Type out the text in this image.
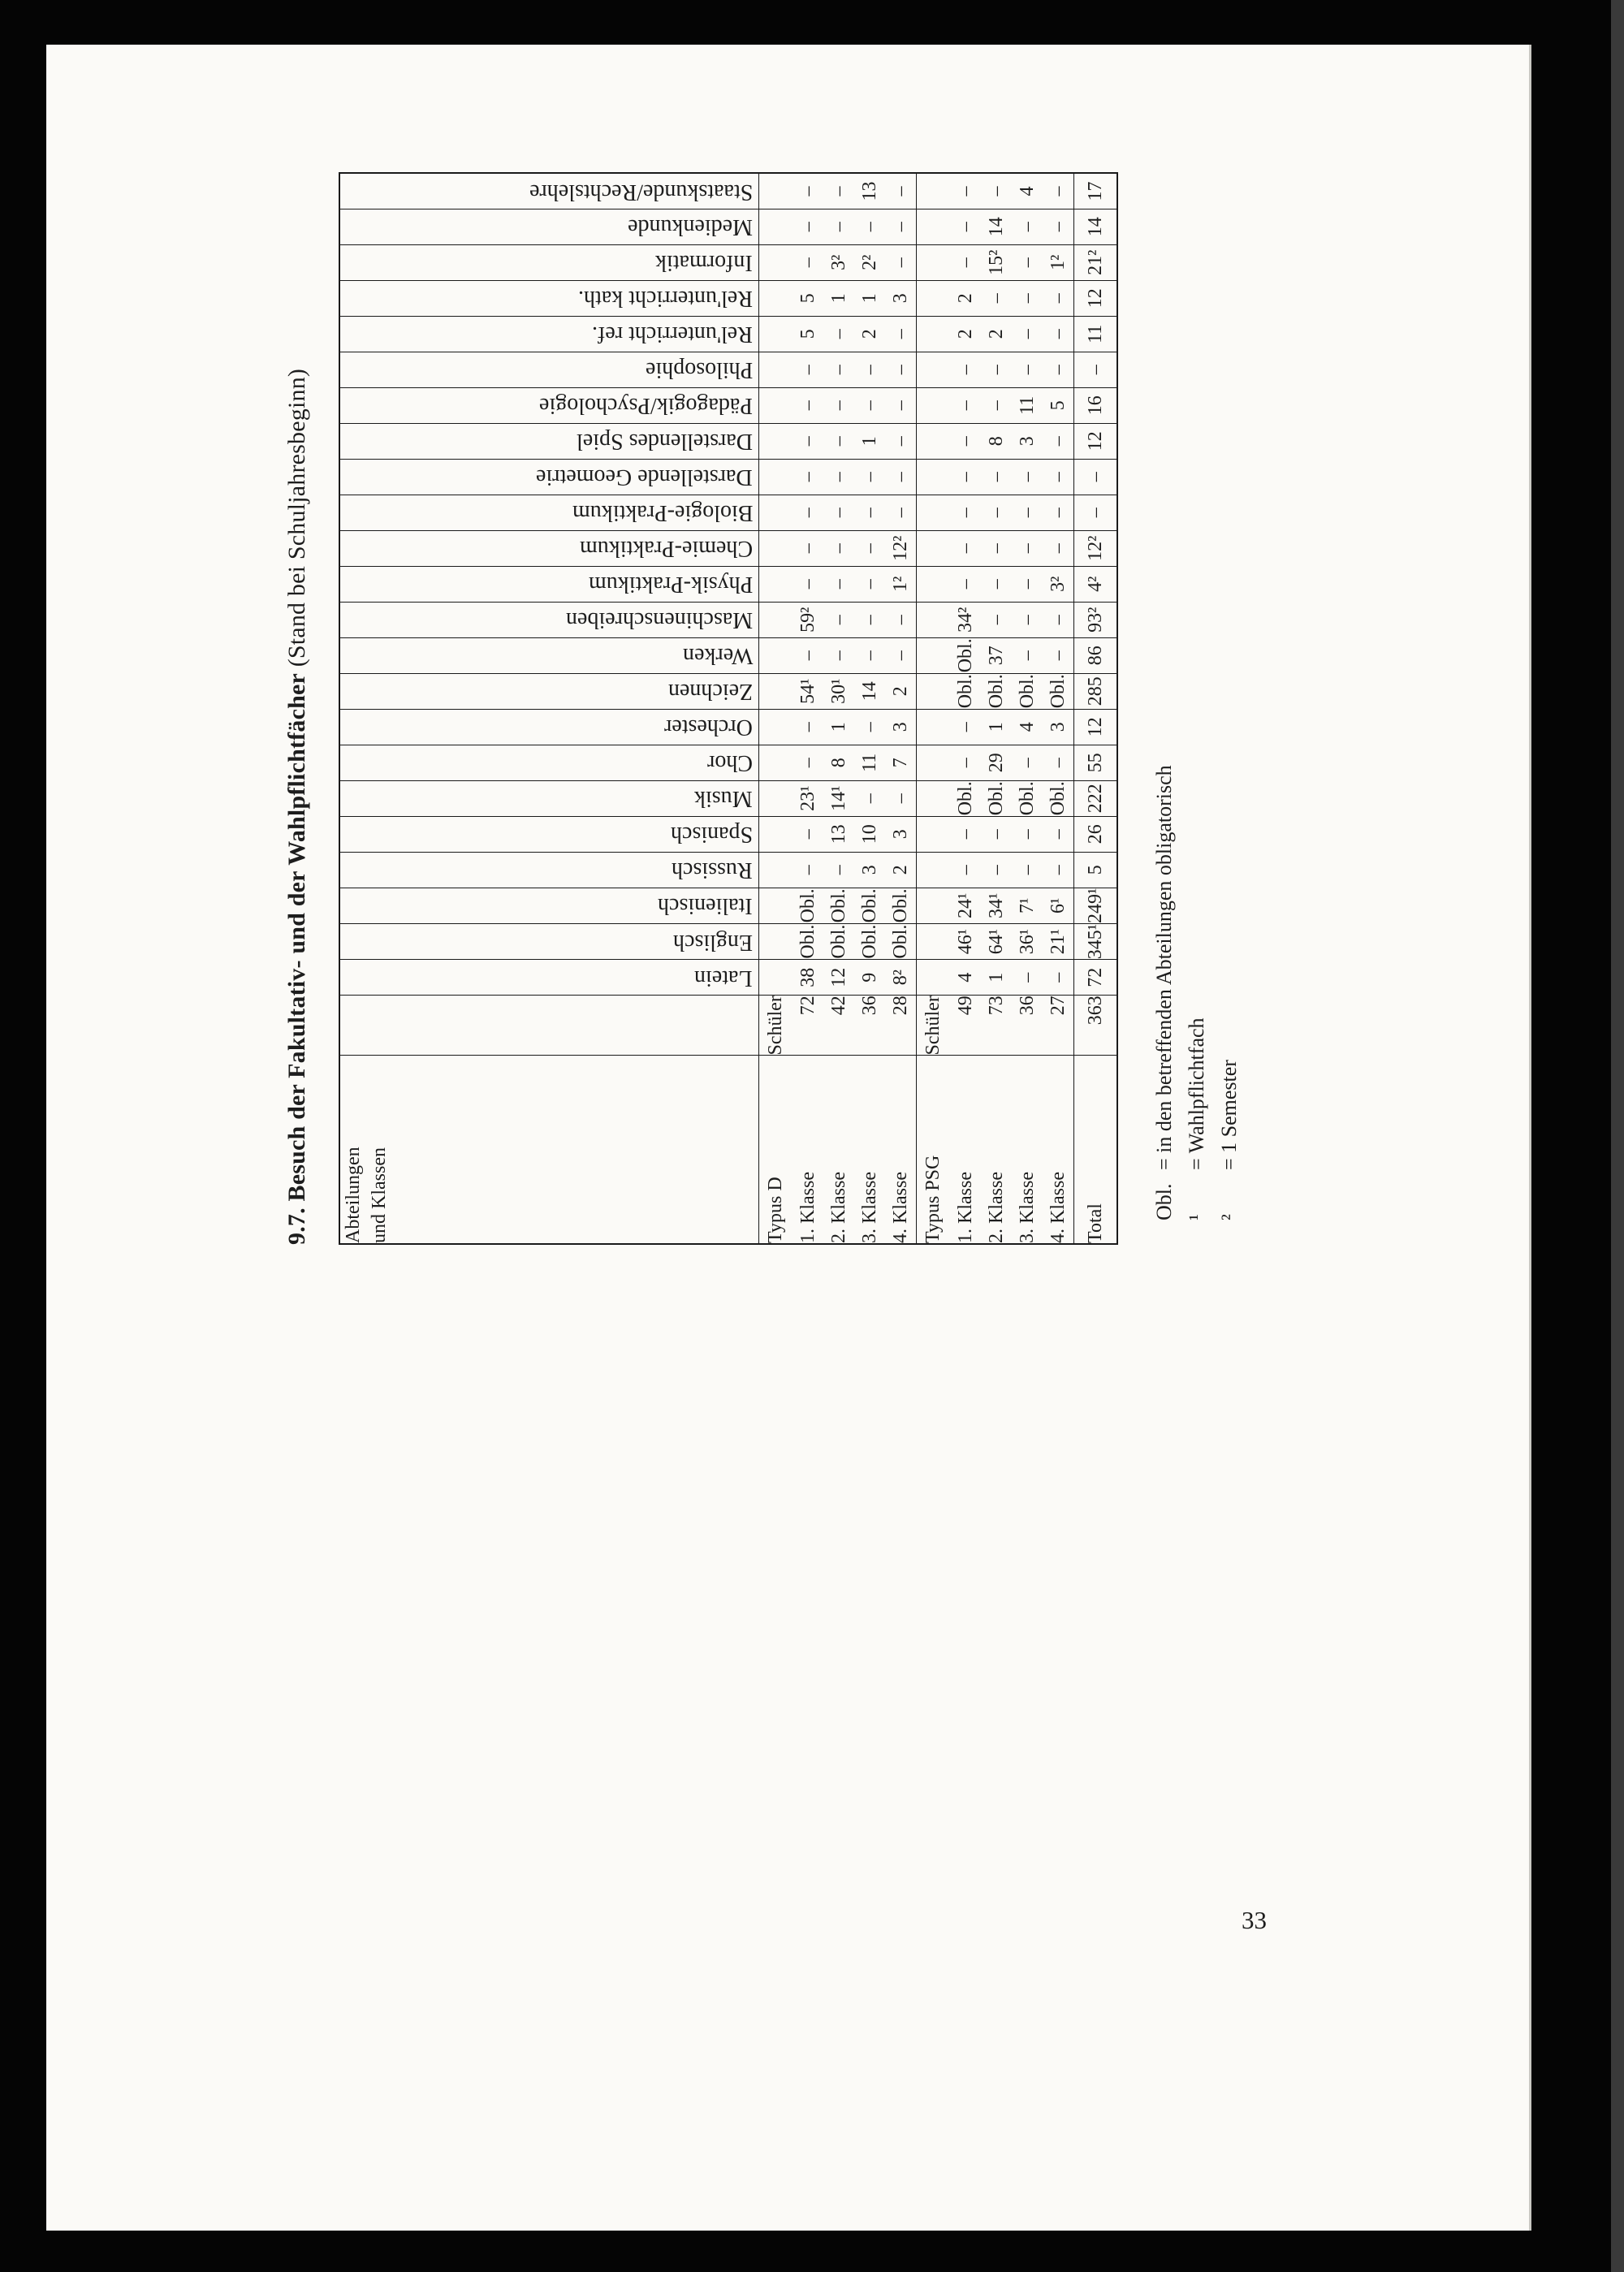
9.7. Besuch der Fakultativ- und der Wahlpflichtfächer (Stand bei Schuljahresbeginn)
Abteilungen und Klassen		Latein	Englisch	Italienisch	Russisch	Spanisch	Musik	Chor	Orchester	Zeichnen	Werken	Maschinenschreiben	Physik-Praktikum	Chemie-Praktikum	Biologie-Praktikum	Darstellende Geometrie	Darstellendes Spiel	Pädagogik/Psychologie	Philosophie	Rel'unterricht ref.	Rel'unterricht kath.	Informatik	Medienkunde	Staatskunde/Rechtslehre
Typus D	Schüler																							
1. Klasse	72	38	Obl.	Obl.	–	–	23¹	–	–	54¹	–	59²	–	–	–	–	–	–	–	5	5	–	–	–
2. Klasse	42	12	Obl.	Obl.	–	13	14¹	8	1	30¹	–	–	–	–	–	–	–	–	–	–	1	3²	–	–
3. Klasse	36	9	Obl.	Obl.	3	10	–	11	–	14	–	–	–	–	–	–	1	–	–	2	1	2²	–	13
4. Klasse	28	8²	Obl.	Obl.	2	3	–	7	3	2	–	–	1²	12²	–	–	–	–	–	–	3	–	–	–
Typus PSG	Schüler																							
1. Klasse	49	4	46¹	24¹	–	–	Obl.	–	–	Obl.	Obl.	34²	–	–	–	–	–	–	–	2	2	–	–	–
2. Klasse	73	1	64¹	34¹	–	–	Obl.	29	1	Obl.	37	–	–	–	–	–	8	–	–	2	–	15²	14	–
3. Klasse	36	–	36¹	7¹	–	–	Obl.	–	4	Obl.	–	–	–	–	–	–	3	11	–	–	–	–	–	4
4. Klasse	27	–	21¹	6¹	–	–	Obl.	–	3	Obl.	–	–	3²	–	–	–	–	5	–	–	–	1²	–	–
Total	363	72	345¹	249¹	5	26	222	55	12	285	86	93²	4²	12²	–	–	12	16	–	11	12	21²	14	17
Obl.
= in den betreffenden Abteilungen obligatorisch
¹
= Wahlpflichtfach
²
= 1 Semester
33
